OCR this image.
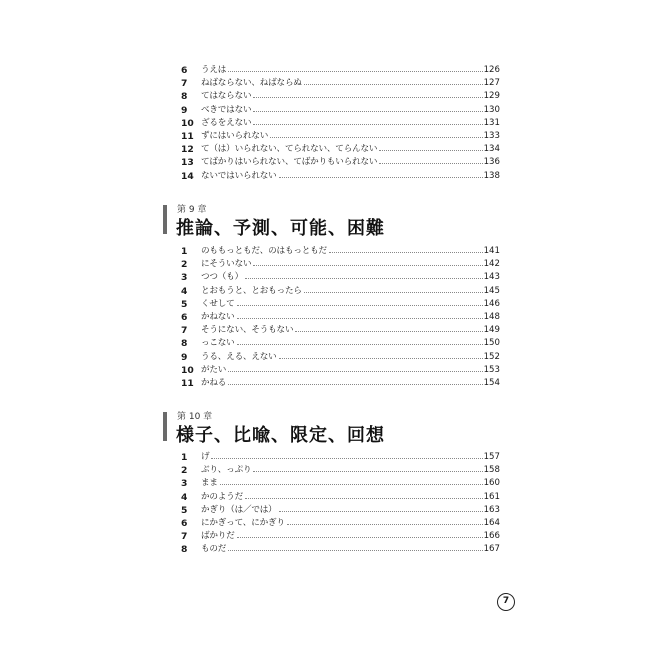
6	うえは	126
7	ねばならない、ねばならぬ	127
8	てはならない	129
9	べきではない	130
10 ざるをえない	131
11 ずにはいられない	133
12 て（は）いられない、てられない、てらんない	134
13 てばかりはいられない、てばかりもいられない	136
14 ないではいられない	138
第 9 章
推論、予測、可能、困難
1	のももっともだ、のはもっともだ	141
2	にそういない	142
3	つつ（も）	143
4	とおもうと、とおもったら	145
5	くせして	146
6	かねない	148
7	そうにない、そうもない	149
8	っこない	150
9	うる、える、えない	152
10 がたい	153
11 かねる	154
第 10 章
様子、比喩、限定、回想
1	げ	157
2	ぶり、っぷり	158
3	まま	160
4	かのようだ	161
5	かぎり（は／では）	163
6	にかぎって、にかぎり	164
7	ばかりだ	166
8	ものだ	167
7
